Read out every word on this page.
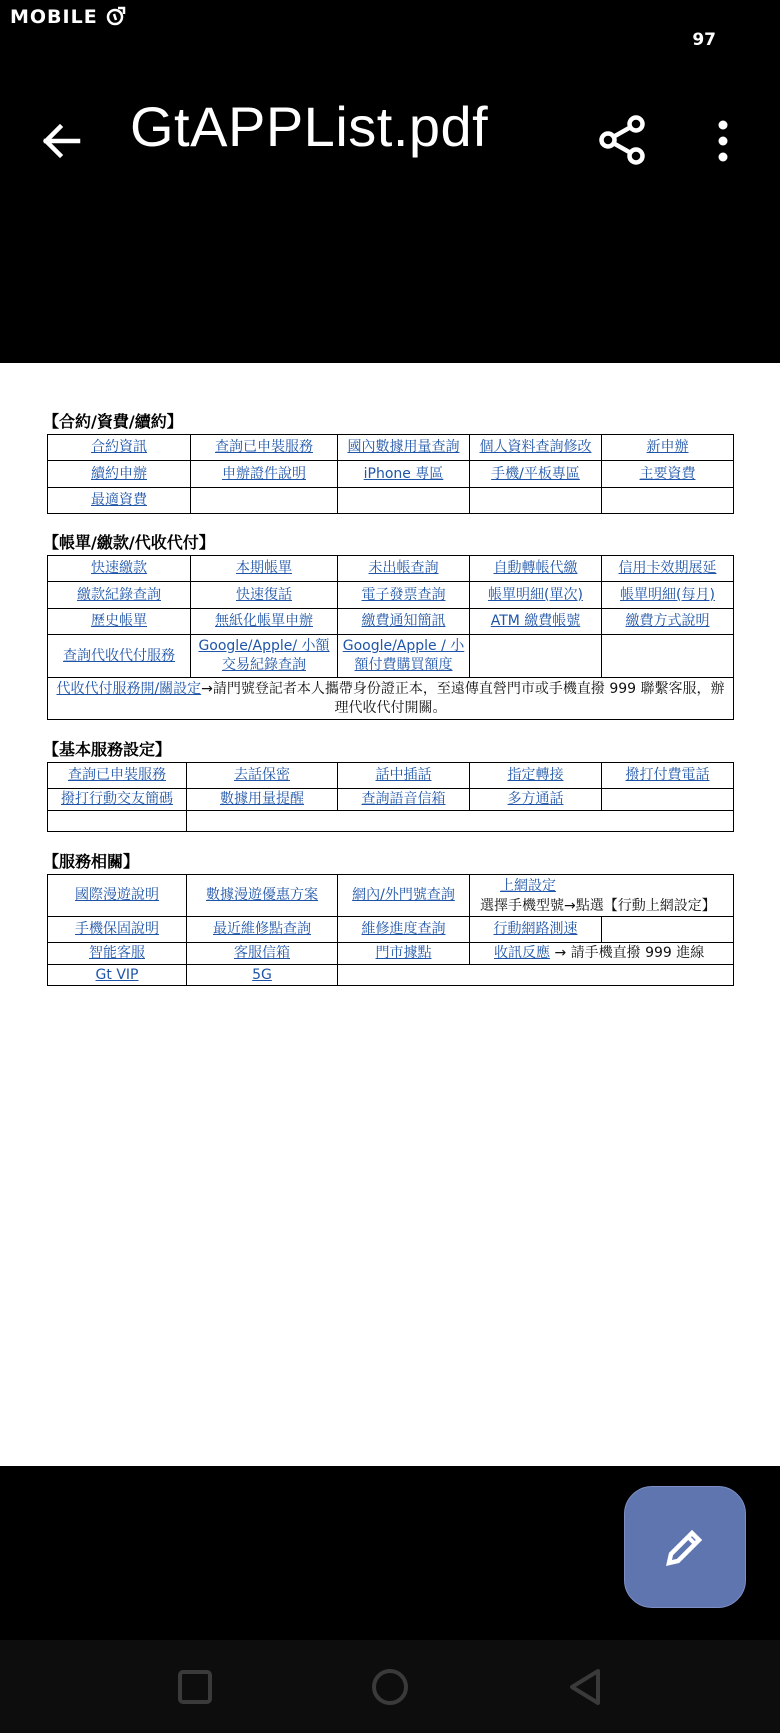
MOBILE
97
GtAPPList.pdf
【合約/資費/續約】
合約資訊	查詢已申裝服務	國內數據用量查詢	個人資料查詢修改	新申辦
續約申辦	申辦證件說明	iPhone 專區	手機/平板專區	主要資費
最適資費				
【帳單/繳款/代收代付】
快速繳款	本期帳單	未出帳查詢	自動轉帳代繳	信用卡效期展延
繳款紀錄查詢	快速復話	電子發票查詢	帳單明細(單次)	帳單明細(每月)
歷史帳單	無紙化帳單申辦	繳費通知簡訊	ATM 繳費帳號	繳費方式說明
查詢代收代付服務	Google/Apple/ 小額交易紀錄查詢	Google/Apple / 小額付費購買額度		
代收代付服務開/關設定→請門號登記者本人攜帶身份證正本，至遠傳直營門市或手機直撥 999 聯繫客服，辦理代收代付開關。				
【基本服務設定】
查詢已申裝服務	去話保密	話中插話	指定轉接	撥打付費電話
撥打行動交友簡碼	數據用量提醒	查詢語音信箱	多方通話	

【服務相關】
國際漫遊說明	數據漫遊優惠方案	網內/外門號查詢	上網設定
選擇手機型號→點選【行動上網設定】	

手機保固說明	最近維修點查詢	維修進度查詢	行動網路測速	
智能客服	客服信箱	門市據點	收訊反應 → 請手機直撥 999 進線	
Gt VIP	5G			
